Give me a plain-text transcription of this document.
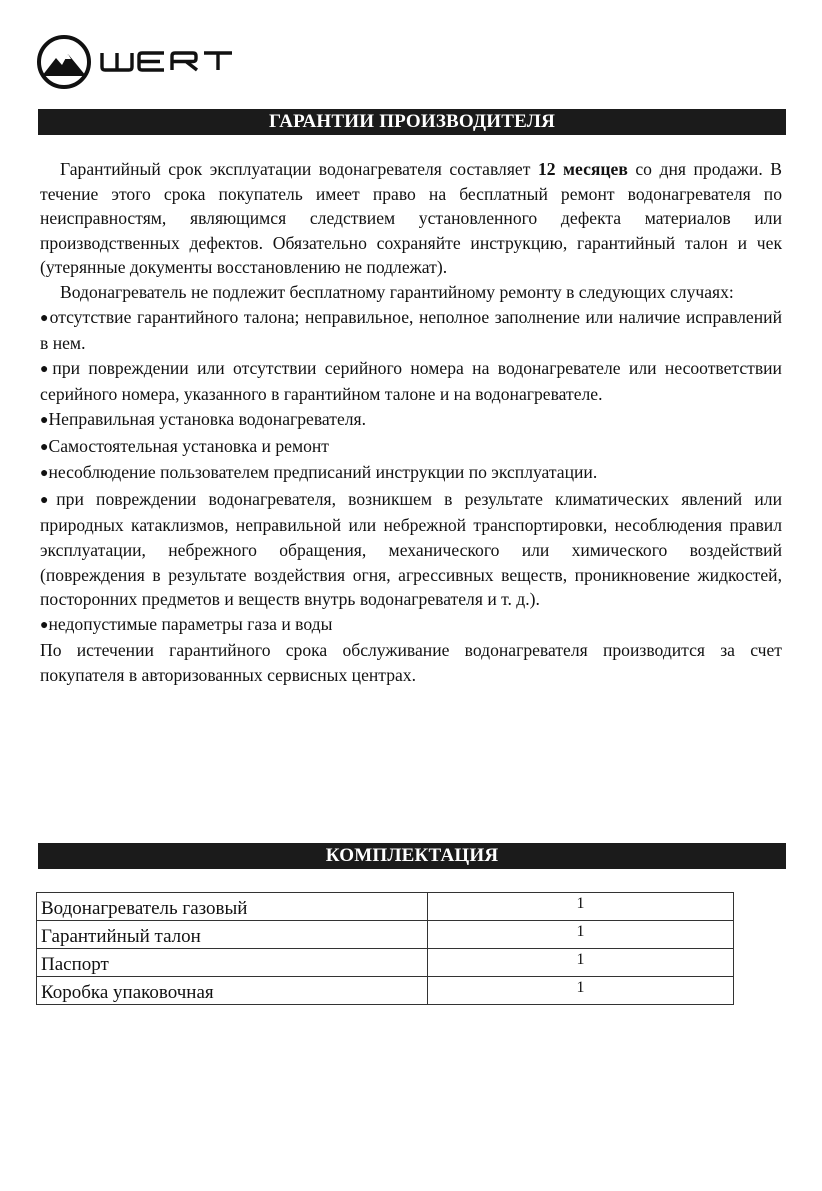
ГАРАНТИИ ПРОИЗВОДИТЕЛЯ

Гарантийный срок эксплуатации водонагревателя составляет 12 месяцев со дня продажи. В течение этого срока покупатель имеет право на бесплатный ремонт водонагревателя по неисправностям, являющимся следствием установленного дефекта материалов или производственных дефектов. Обязательно сохраняйте инструкцию, гарантийный талон и чек (утерянные документы восстановлению не подлежат).

Водонагреватель не подлежит бесплатному гарантийному ремонту в следующих случаях:

● отсутствие гарантийного талона; неправильное, неполное заполнение или наличие исправлений в нем.

● при повреждении или отсутствии серийного номера на водонагревателе или несоответствии серийного номера, указанного в гарантийном талоне и на водонагревателе.

● Неправильная установка водонагревателя.

● Самостоятельная установка и ремонт

● несоблюдение пользователем предписаний инструкции по эксплуатации.

● при повреждении водонагревателя, возникшем в результате климатических явлений или природных катаклизмов, неправильной или небрежной транспортировки, несоблюдения правил эксплуатации, небрежного обращения, механического или химического воздействий (повреждения в результате воздействия огня, агрессивных веществ, проникновение жидкостей, посторонних предметов и веществ внутрь водонагревателя и т. д.).

● недопустимые параметры газа и воды

По истечении гарантийного срока обслуживание водонагревателя производится за счет покупателя в авторизованных сервисных центрах.

КОМПЛЕКТАЦИЯ
Водонагреватель газовый	1
Гарантийный талон	1
Паспорт	1
Коробка упаковочная	1
